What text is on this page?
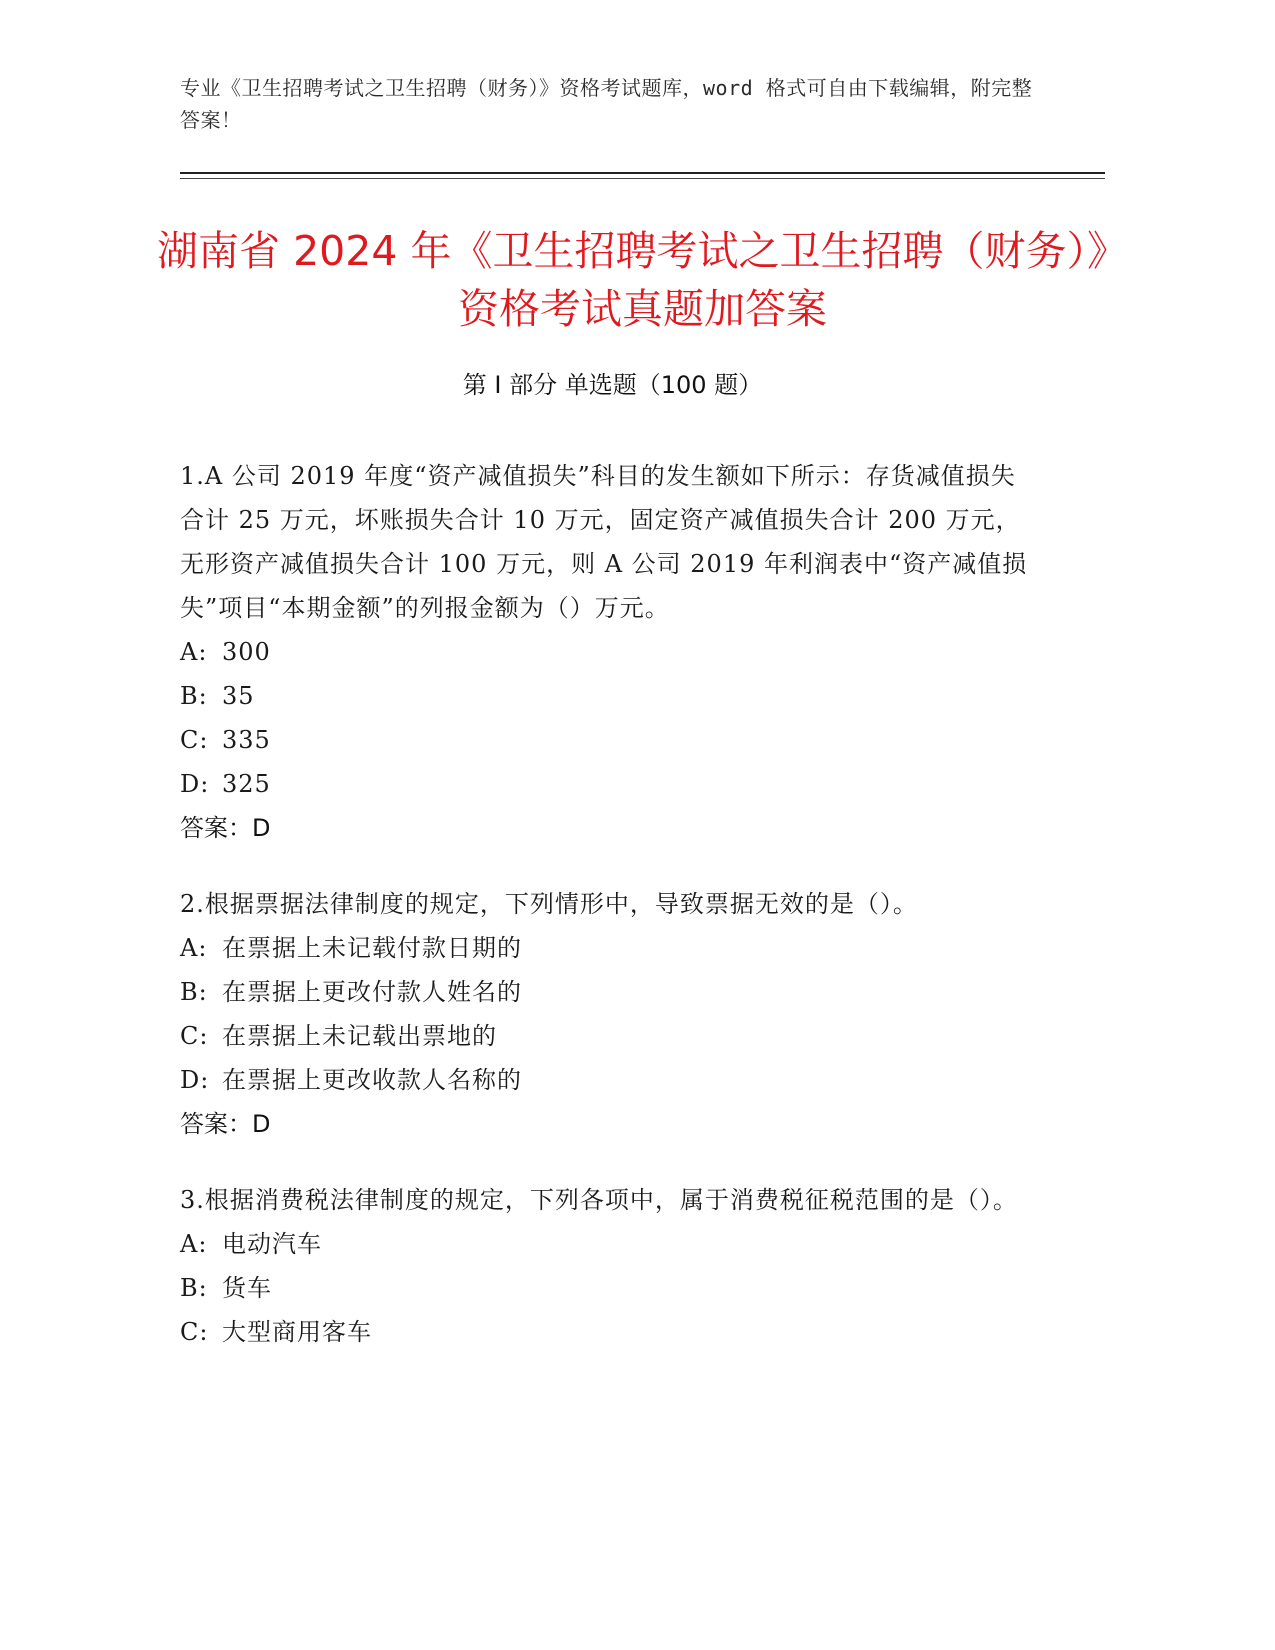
专业《卫生招聘考试之卫生招聘（财务）》资格考试题库，word 格式可自由下载编辑，附完整答案！
湖南省 2024 年《卫生招聘考试之卫生招聘（财务）》资格考试真题加答案
第 I 部分 单选题（100 题）
1.A 公司 2019 年度“资产减值损失”科目的发生额如下所示：存货减值损失合计 25 万元，坏账损失合计 10 万元，固定资产减值损失合计 200 万元，无形资产减值损失合计 100 万元，则 A 公司 2019 年利润表中“资产减值损失”项目“本期金额”的列报金额为（）万元。
A: 300
B: 35
C: 335
D: 325
答案：D
2.根据票据法律制度的规定，下列情形中，导致票据无效的是（）。
A: 在票据上未记载付款日期的
B: 在票据上更改付款人姓名的
C: 在票据上未记载出票地的
D: 在票据上更改收款人名称的
答案：D
3.根据消费税法律制度的规定，下列各项中，属于消费税征税范围的是（）。
A: 电动汽车
B: 货车
C: 大型商用客车
